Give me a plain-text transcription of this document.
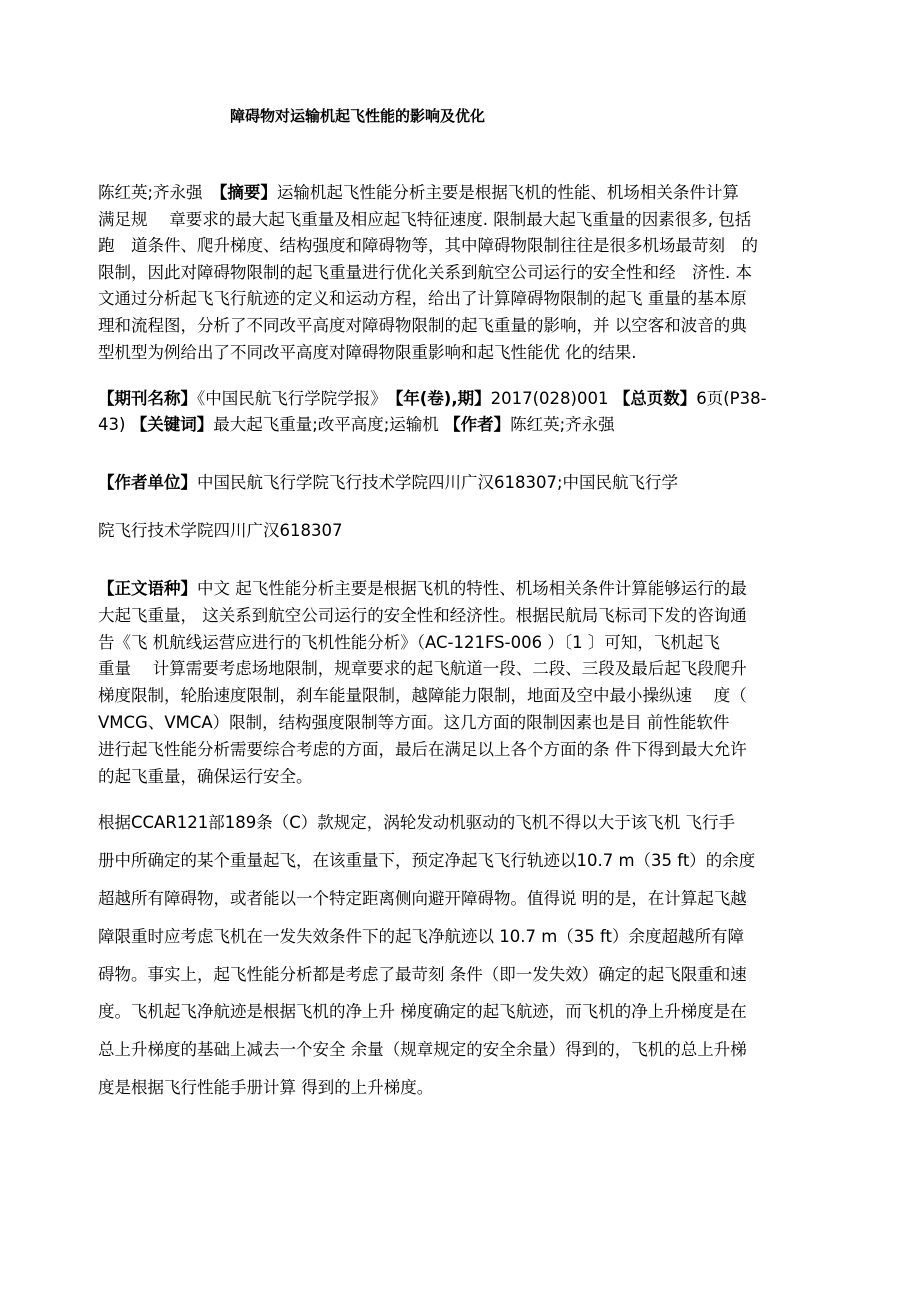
障碍物对运输机起飞性能的影响及优化
陈红英;齐永强　 【摘要】运输机起飞性能分析主要是根据飞机的性能、机场相关条件计算
满足规　 章要求的最大起飞重量及相应起飞特征速度. 限制最大起飞重量的因素很多, 包括
跑　道条件、爬升梯度、结构强度和障碍物等，其中障碍物限制往往是很多机场最苛刻　的
限制，因此对障碍物限制的起飞重量进行优化关系到航空公司运行的安全性和经　济性. 本
文通过分析起飞飞行航迹的定义和运动方程，给出了计算障碍物限制的起飞 重量的基本原
理和流程图，分析了不同改平高度对障碍物限制的起飞重量的影响，并 以空客和波音的典
型机型为例给出了不同改平高度对障碍物限重影响和起飞性能优 化的结果.
【期刊名称】《中国民航飞行学院学报》　 【年(卷),期】2017(028)001 【总页数】6页(P38-
43) 【关键词】最大起飞重量;改平高度;运输机 【作者】陈红英;齐永强
【作者单位】中国民航飞行学院飞行技术学院四川广汉618307;中国民航飞行学
院飞行技术学院四川广汉618307
【正文语种】中文 起飞性能分析主要是根据飞机的特性、机场相关条件计算能够运行的最
大起飞重量， 这关系到航空公司运行的安全性和经济性。根据民航局飞标司下发的咨询通
告《飞 机航线运营应进行的飞机性能分析》（AC-121FS-006 ）〔1 〕可知，飞机起飞
重量　 计算需要考虑场地限制，规章要求的起飞航道一段、二段、三段及最后起飞段爬升
梯度限制，轮胎速度限制，刹车能量限制，越障能力限制，地面及空中最小操纵速　 度（
VMCG、VMCA）限制，结构强度限制等方面。这几方面的限制因素也是目 前性能软件
进行起飞性能分析需要综合考虑的方面，最后在满足以上各个方面的条 件下得到最大允许
的起飞重量，确保运行安全。
根据CCAR121部189条（C）款规定，涡轮发动机驱动的飞机不得以大于该飞机 飞行手
册中所确定的某个重量起飞，在该重量下，预定净起飞飞行轨迹以10.7 m（35 ft）的余度
超越所有障碍物，或者能以一个特定距离侧向避开障碍物。值得说 明的是，在计算起飞越
障限重时应考虑飞机在一发失效条件下的起飞净航迹以 10.7 m（35 ft）余度超越所有障
碍物。事实上，起飞性能分析都是考虑了最苛刻 条件（即一发失效）确定的起飞限重和速
度。飞机起飞净航迹是根据飞机的净上升 梯度确定的起飞航迹，而飞机的净上升梯度是在
总上升梯度的基础上减去一个安全 余量（规章规定的安全余量）得到的，飞机的总上升梯
度是根据飞行性能手册计算 得到的上升梯度。
